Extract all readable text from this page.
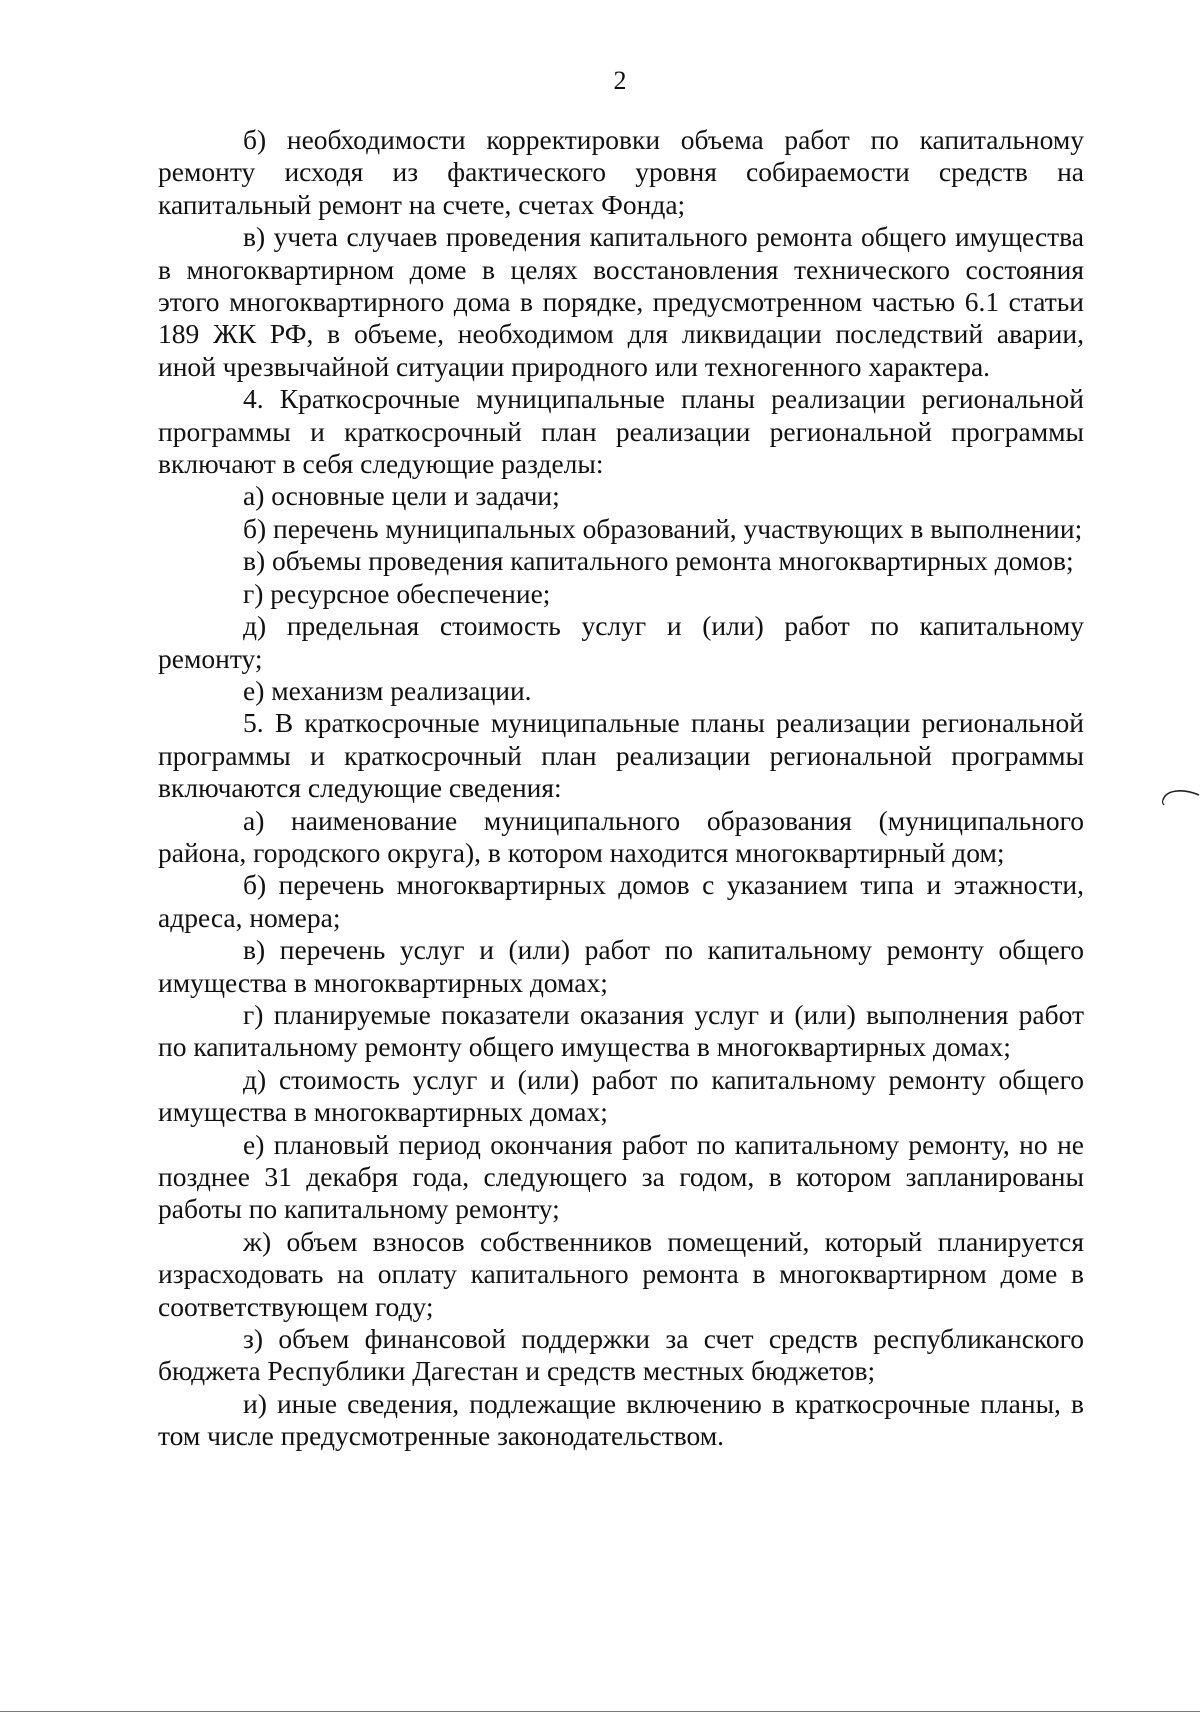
2

б) необходимости корректировки объема работ по капитальному ремонту исходя из фактического уровня собираемости средств на капитальный ремонт на счете, счетах Фонда;

в) учета случаев проведения капитального ремонта общего имущества в многоквартирном доме в целях восстановления технического состояния этого многоквартирного дома в порядке, предусмотренном частью 6.1 статьи 189 ЖК РФ, в объеме, необходимом для ликвидации последствий аварии, иной чрезвычайной ситуации природного или техногенного характера.

4. Краткосрочные муниципальные планы реализации региональной программы и краткосрочный план реализации региональной программы включают в себя следующие разделы:

а) основные цели и задачи;

б) перечень муниципальных образований, участвующих в выполнении;

в) объемы проведения капитального ремонта многоквартирных домов;

г) ресурсное обеспечение;

д) предельная стоимость услуг и (или) работ по капитальному ремонту;

е) механизм реализации.

5. В краткосрочные муниципальные планы реализации региональной программы и краткосрочный план реализации региональной программы включаются следующие сведения:

а) наименование муниципального образования (муниципального района, городского округа), в котором находится многоквартирный дом;

б) перечень многоквартирных домов с указанием типа и этажности, адреса, номера;

в) перечень услуг и (или) работ по капитальному ремонту общего имущества в многоквартирных домах;

г) планируемые показатели оказания услуг и (или) выполнения работ по капитальному ремонту общего имущества в многоквартирных домах;

д) стоимость услуг и (или) работ по капитальному ремонту общего имущества в многоквартирных домах;

е) плановый период окончания работ по капитальному ремонту, но не позднее 31 декабря года, следующего за годом, в котором запланированы работы по капитальному ремонту;

ж) объем взносов собственников помещений, который планируется израсходовать на оплату капитального ремонта в многоквартирном доме в соответствующем году;

з) объем финансовой поддержки за счет средств республиканского бюджета Республики Дагестан и средств местных бюджетов;

и) иные сведения, подлежащие включению в краткосрочные планы, в том числе предусмотренные законодательством.
